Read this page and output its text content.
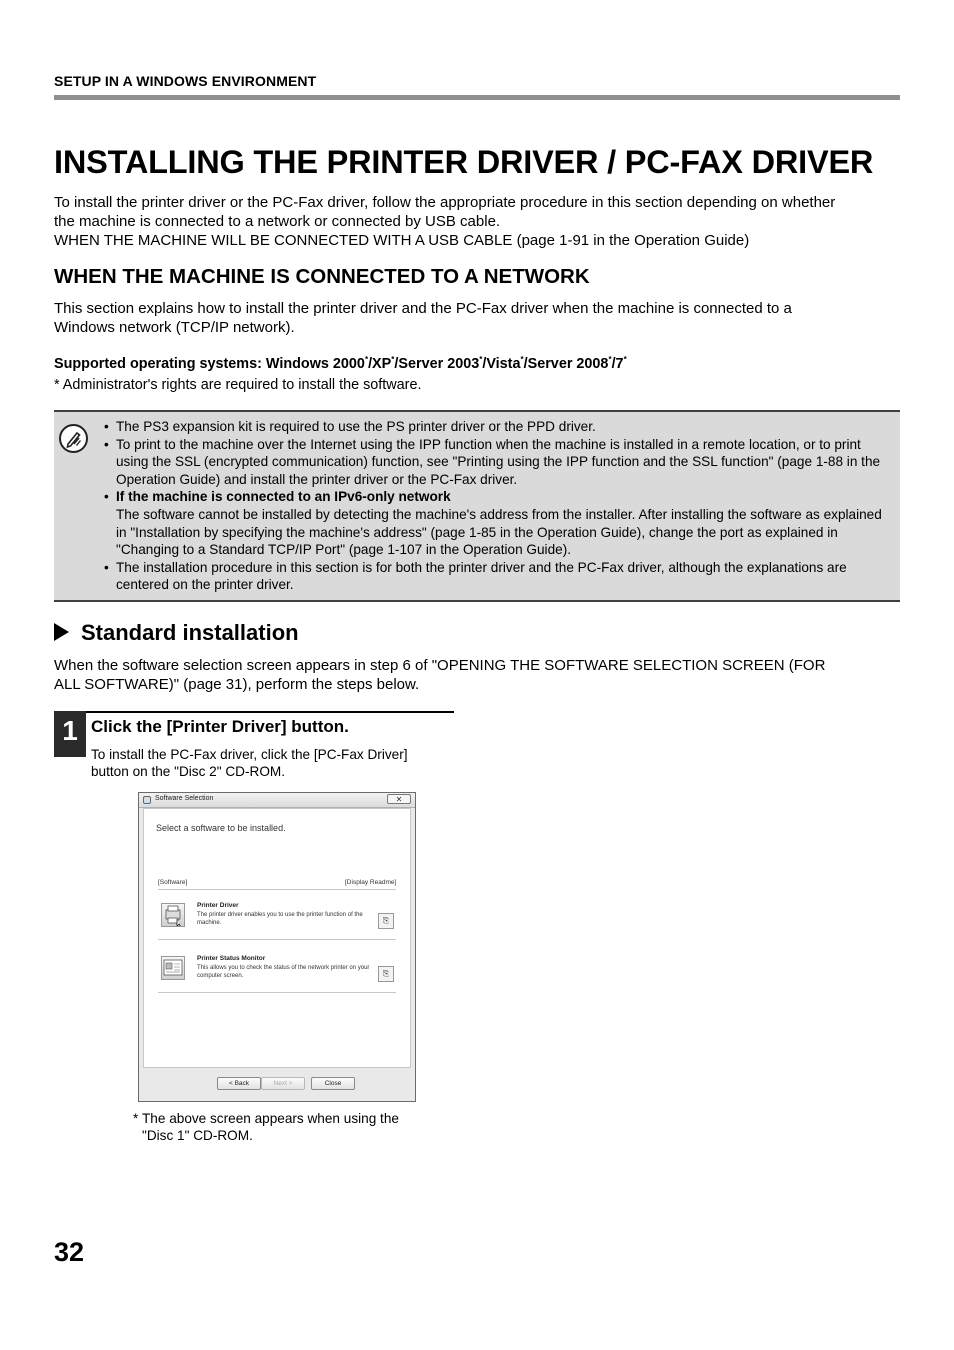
SETUP IN A WINDOWS ENVIRONMENT
INSTALLING THE PRINTER DRIVER / PC-FAX DRIVER
To install the printer driver or the PC-Fax driver, follow the appropriate procedure in this section depending on whether
the machine is connected to a network or connected by USB cable.
WHEN THE MACHINE WILL BE CONNECTED WITH A USB CABLE (page 1-91 in the Operation Guide)
WHEN THE MACHINE IS CONNECTED TO A NETWORK
This section explains how to install the printer driver and the PC-Fax driver when the machine is connected to a
Windows network (TCP/IP network).
Supported operating systems: Windows 2000*/XP*/Server 2003*/Vista*/Server 2008*/7*
* Administrator's rights are required to install the software.
• The PS3 expansion kit is required to use the PS printer driver or the PPD driver.
• To print to the machine over the Internet using the IPP function when the machine is installed in a remote location, or to print using the SSL (encrypted communication) function, see "Printing using the IPP function and the SSL function" (page 1-88 in the Operation Guide) and install the printer driver or the PC-Fax driver.
• If the machine is connected to an IPv6-only network
The software cannot be installed by detecting the machine's address from the installer. After installing the software as explained in "Installation by specifying the machine's address" (page 1-85 in the Operation Guide), change the port as explained in "Changing to a Standard TCP/IP Port" (page 1-107 in the Operation Guide).
• The installation procedure in this section is for both the printer driver and the PC-Fax driver, although the explanations are centered on the printer driver.
Standard installation
When the software selection screen appears in step 6 of "OPENING THE SOFTWARE SELECTION SCREEN (FOR
ALL SOFTWARE)" (page 31), perform the steps below.
1 Click the [Printer Driver] button.
To install the PC-Fax driver, click the [PC-Fax Driver]
button on the "Disc 2" CD-ROM.
Software Selection	✕
Select a software to be installed.
[Software]	[Display Readme]
Printer Driver
The printer driver enables you to use the printer function of the machine.	⎘
Printer Status Monitor
This allows you to check the status of the network printer on your computer screen.	⎘
< Back	Next >	Close
* The above screen appears when using the "Disc 1" CD-ROM.
32
